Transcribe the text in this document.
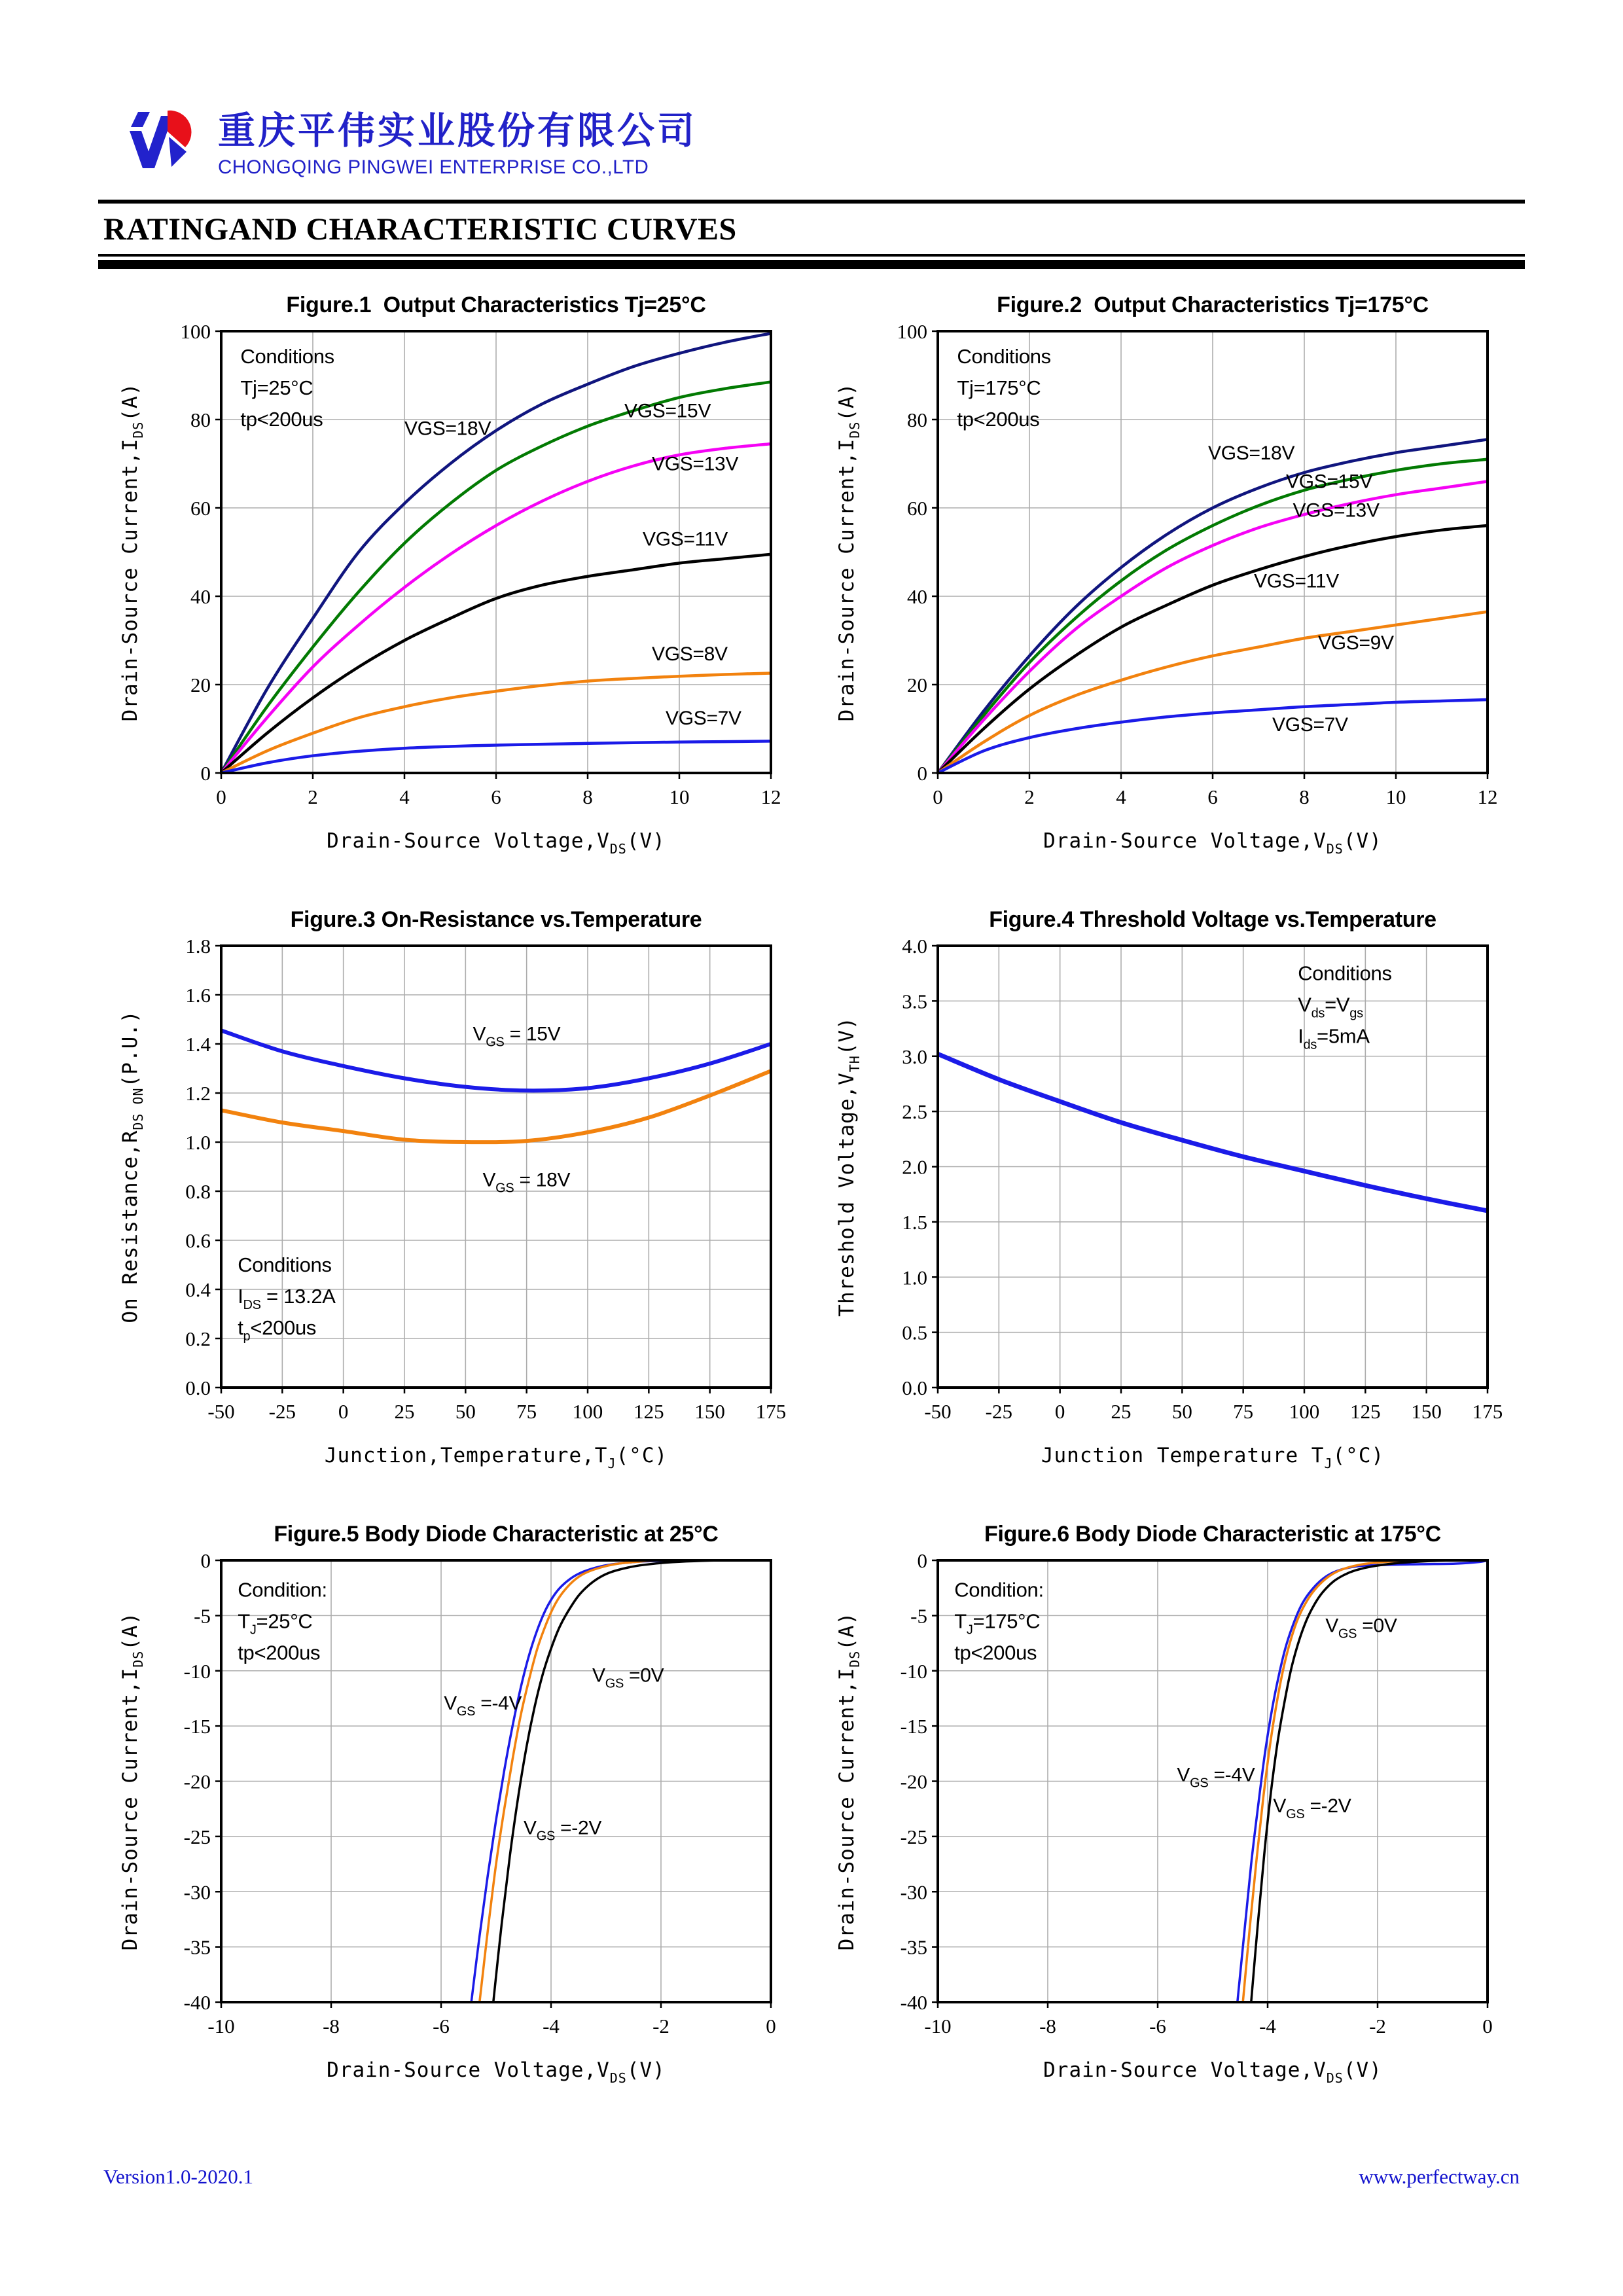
重庆平伟实业股份有限公司
CHONGQING PINGWEI ENTERPRISE CO.,LTD
RATINGAND CHARACTERISTIC CURVES
Figure.1  Output Characteristics Tj=25°C
0	2	4	6	8	10	12
0
20
40
60
80
100
Drain-Source $Voltage,V_{DS}(V)$
Drain-Source $Current,I_{DS}(A)$
Conditions
Tj=25°C
tp<200us	VGS=18V
VGS=15V
VGS=13V
VGS=11V
VGS=8V
VGS=7V
Figure.2  Output Characteristics Tj=175°C
0	2	4	6	8	10	12
0
20
40
60
80
100
Drain-Source $Voltage,V_{DS}(V)$
Drain-Source $Current,I_{DS}(A)$
Conditions
Tj=175°C
tp<200us
VGS=18V
VGS=15V
VGS=13V
VGS=11V
VGS=9V
VGS=7V
Figure.3 On-Resistance vs.Temperature
-50 -25 0 25 50 75 100 125 150 175
0.0
0.2
0.4
0.6
0.8
1.0
1.2
1.4
1.6
1.8
$Junction,Temperature,T_J(^\circ C)$
On $Resistance,R_{DS ON}(P.U.)$
Conditions
$I_{DS} = 13.2A$
$t_p<200us$
$V_{GS} = 15V$
$V_{GS} = 18V$
Figure.4 Threshold Voltage vs.Temperature
-50 -25 0 25 50 75 100 125 150 175
0.0
0.5
1.0
1.5
2.0
2.5
3.0
3.5
4.0
Junction Temperature $T_J(^\circ C)$
Threshold $Voltage,V_{TH}(V)$
Conditions
$V_{ds}=V_{gs}$
$I_{ds}=5mA$
Figure.5 Body Diode Characteristic at 25°C
-10	-8	-6	-4	-2	0
0
-5
-10
-15
-20
-25
-30
-35
-40
Drain-Source $Voltage,V_{DS}(V)$
Drain-Source $Current,I_{DS}(A)$
Condition:
$T_J=25^\circ C$
tp<200us
$V_{GS} =-4V$
$V_{GS} =-2V$
$V_{GS} =0V$
Figure.6 Body Diode Characteristic at 175°C
-10	-8	-6	-4	-2	0
0
-5
-10
-15
-20
-25
-30
-35
-40
Drain-Source $Voltage,V_{DS}(V)$
Drain-Source $Current,I_{DS}(A)$
Condition:
$T_J=175^\circ C$
tp<200us
$V_{GS} =-4V$
$V_{GS} =-2V$
$V_{GS} =0V$
Version1.0-2020.1	www.perfectway.cn
